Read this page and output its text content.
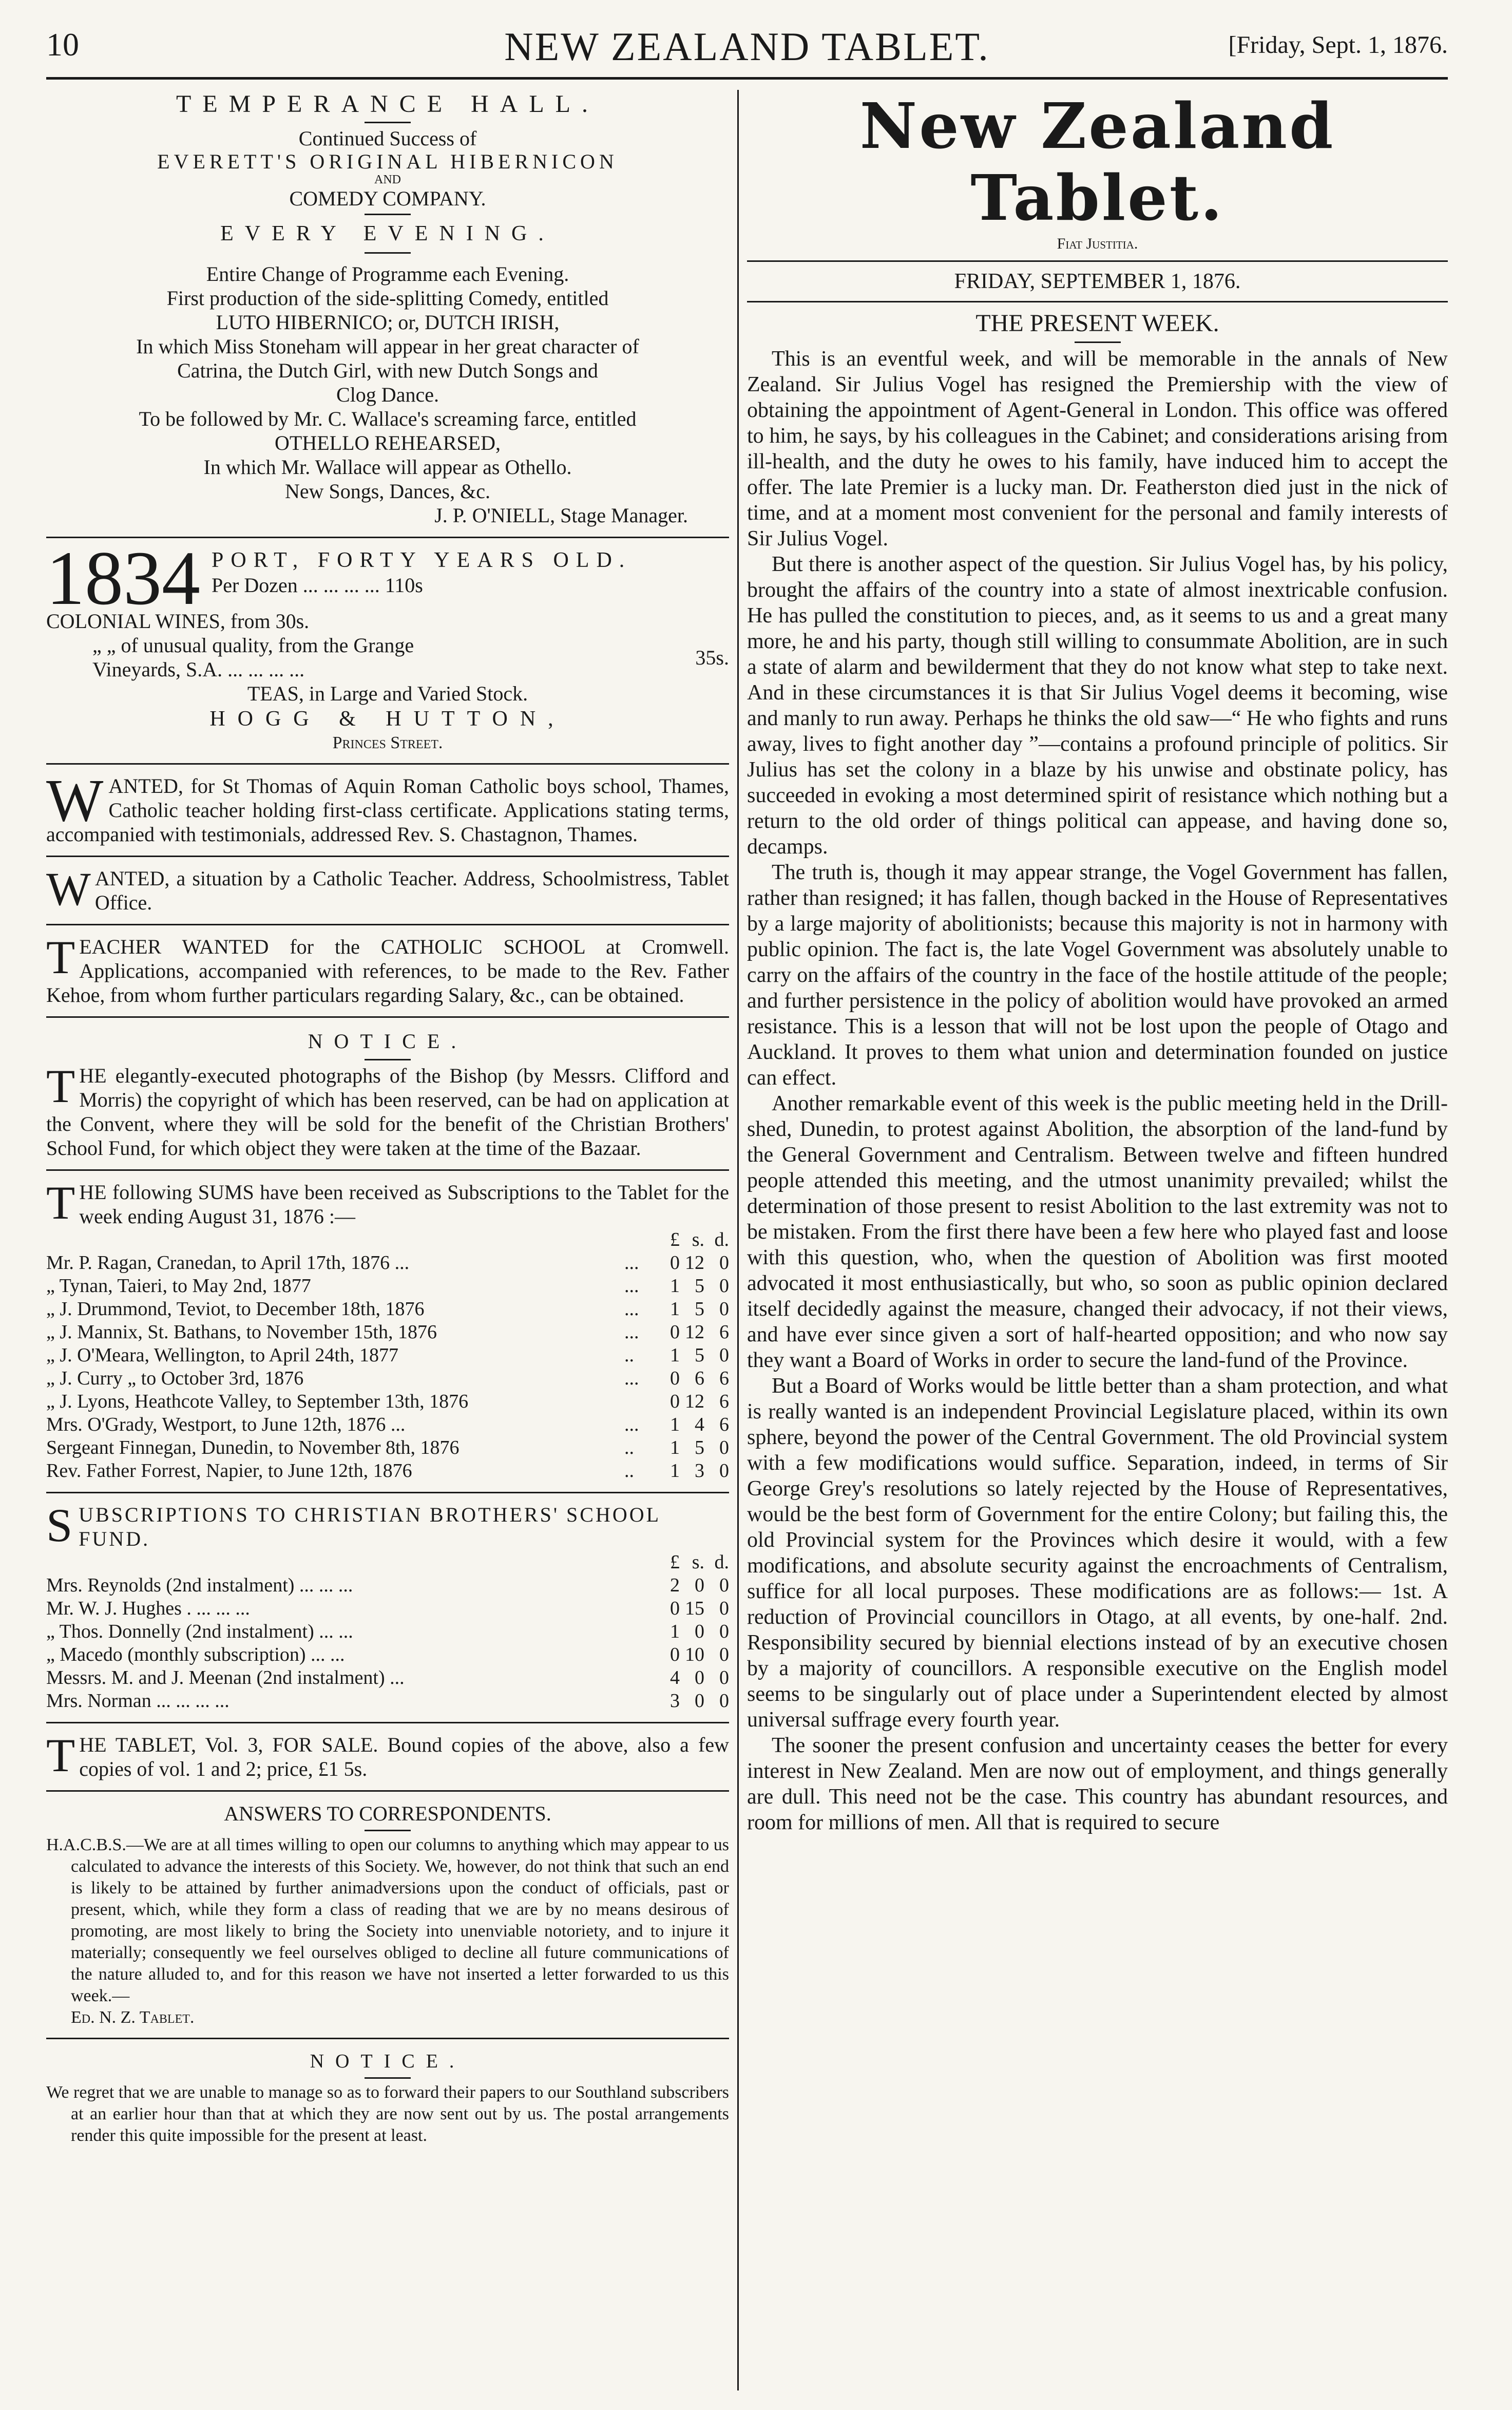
10	NEW ZEALAND TABLET.	[Friday, Sept. 1, 1876.

TEMPERANCE HALL.

Continued Success of

EVERETT'S ORIGINAL HIBERNICON

AND

COMEDY COMPANY.

EVERY EVENING.

Entire Change of Programme each Evening.

First production of the side-splitting Comedy, entitled

LUTO HIBERNICO; or, DUTCH IRISH,

In which Miss Stoneham will appear in her great character of

Catrina, the Dutch Girl, with new Dutch Songs and

Clog Dance.

To be followed by Mr. C. Wallace's screaming farce, entitled

OTHELLO REHEARSED,

In which Mr. Wallace will appear as Othello.

New Songs, Dances, &c.

J. P. O'NIELL, Stage Manager.

1834 PORT, FORTY YEARS OLD.

Per Dozen ... ... ... ... 110s

COLONIAL WINES, from 30s.

„ „ of unusual quality, from the Grange

Vineyards, S.A. ... ... ... ...

35s.

TEAS, in Large and Varied Stock.

HOGG & HUTTON,

Princes Street.

W ANTED, for St Thomas of Aquin Roman Catholic boys school, Thames, Catholic teacher holding first-class certificate. Applications stating terms, accompanied with testimonials, addressed Rev. S. Chastagnon, Thames.
W ANTED, a situation by a Catholic Teacher. Address, Schoolmistress, Tablet Office.
T EACHER WANTED for the CATHOLIC SCHOOL at Cromwell. Applications, accompanied with references, to be made to the Rev. Father Kehoe, from whom further particulars regarding Salary, &c., can be obtained.

NOTICE.

T HE elegantly-executed photographs of the Bishop (by Messrs. Clifford and Morris) the copyright of which has been reserved, can be had on application at the Convent, where they will be sold for the benefit of the Christian Brothers' School Fund, for which object they were taken at the time of the Bazaar.
T HE following SUMS have been received as Subscriptions to the Tablet for the week ending August 31, 1876 :—
		£	s.	d.
Mr. P. Ragan, Cranedan, to April 17th, 1876 ...	...	0	12	0
„ Tynan, Taieri, to May 2nd, 1877	...	1	5	0
„ J. Drummond, Teviot, to December 18th, 1876	...	1	5	0
„ J. Mannix, St. Bathans, to November 15th, 1876	...	0	12	6
„ J. O'Meara, Wellington, to April 24th, 1877	..	1	5	0
„ J. Curry „ to October 3rd, 1876	...	0	6	6
„ J. Lyons, Heathcote Valley, to September 13th, 1876		0	12	6
Mrs. O'Grady, Westport, to June 12th, 1876 ...	...	1	4	6
Sergeant Finnegan, Dunedin, to November 8th, 1876	..	1	5	0
Rev. Father Forrest, Napier, to June 12th, 1876	..	1	3	0
S UBSCRIPTIONS TO CHRISTIAN BROTHERS' SCHOOL FUND.
	£	s.	d.
Mrs. Reynolds (2nd instalment) ... ... ...	2	0	0
Mr. W. J. Hughes . ... ... ...	0	15	0
„ Thos. Donnelly (2nd instalment) ... ...	1	0	0
„ Macedo (monthly subscription) ... ...	0	10	0
Messrs. M. and J. Meenan (2nd instalment) ...	4	0	0
Mrs. Norman ... ... ... ...	3	0	0
T HE TABLET, Vol. 3, FOR SALE. Bound copies of the above, also a few copies of vol. 1 and 2; price, £1 5s.

ANSWERS TO CORRESPONDENTS.

H.A.C.B.S.—We are at all times willing to open our columns to anything which may appear to us calculated to advance the interests of this Society. We, however, do not think that such an end is likely to be attained by further animadversions upon the conduct of officials, past or present, which, while they form a class of reading that we are by no means desirous of promoting, are most likely to bring the Society into unenviable notoriety, and to injure it materially; consequently we feel ourselves obliged to decline all future communications of the nature alluded to, and for this reason we have not inserted a letter forwarded to us this week.—

Ed. N. Z. Tablet.

NOTICE.

We regret that we are unable to manage so as to forward their papers to our Southland subscribers at an earlier hour than that at which they are now sent out by us. The postal arrangements render this quite impossible for the present at least.

New Zealand Tablet.

Fiat Justitia.

FRIDAY, SEPTEMBER 1, 1876.

THE PRESENT WEEK.

This is an eventful week, and will be memorable in the annals of New Zealand. Sir Julius Vogel has resigned the Premiership with the view of obtaining the appointment of Agent-General in London. This office was offered to him, he says, by his colleagues in the Cabinet; and considerations arising from ill-health, and the duty he owes to his family, have induced him to accept the offer. The late Premier is a lucky man. Dr. Featherston died just in the nick of time, and at a moment most convenient for the personal and family interests of Sir Julius Vogel.

But there is another aspect of the question. Sir Julius Vogel has, by his policy, brought the affairs of the country into a state of almost inextricable confusion. He has pulled the constitution to pieces, and, as it seems to us and a great many more, he and his party, though still willing to consummate Abolition, are in such a state of alarm and bewilderment that they do not know what step to take next. And in these circumstances it is that Sir Julius Vogel deems it becoming, wise and manly to run away. Perhaps he thinks the old saw—“ He who fights and runs away, lives to fight another day ”—contains a profound principle of politics. Sir Julius has set the colony in a blaze by his unwise and obstinate policy, has succeeded in evoking a most determined spirit of resistance which nothing but a return to the old order of things political can appease, and having done so, decamps.

The truth is, though it may appear strange, the Vogel Government has fallen, rather than resigned; it has fallen, though backed in the House of Representatives by a large majority of abolitionists; because this majority is not in harmony with public opinion. The fact is, the late Vogel Government was absolutely unable to carry on the affairs of the country in the face of the hostile attitude of the people; and further persistence in the policy of abolition would have provoked an armed resistance. This is a lesson that will not be lost upon the people of Otago and Auckland. It proves to them what union and determination founded on justice can effect.

Another remarkable event of this week is the public meeting held in the Drill-shed, Dunedin, to protest against Abolition, the absorption of the land-fund by the General Government and Centralism. Between twelve and fifteen hundred people attended this meeting, and the utmost unanimity prevailed; whilst the determination of those present to resist Abolition to the last extremity was not to be mistaken. From the first there have been a few here who played fast and loose with this question, who, when the question of Abolition was first mooted advocated it most enthusiastically, but who, so soon as public opinion declared itself decidedly against the measure, changed their advocacy, if not their views, and have ever since given a sort of half-hearted opposition; and who now say they want a Board of Works in order to secure the land-fund of the Province.

But a Board of Works would be little better than a sham protection, and what is really wanted is an independent Provincial Legislature placed, within its own sphere, beyond the power of the Central Government. The old Provincial system with a few modifications would suffice. Separation, indeed, in terms of Sir George Grey's resolutions so lately rejected by the House of Representatives, would be the best form of Government for the entire Colony; but failing this, the old Provincial system for the Provinces which desire it would, with a few modifications, and absolute security against the encroachments of Centralism, suffice for all local purposes. These modifications are as follows:— 1st. A reduction of Provincial councillors in Otago, at all events, by one-half. 2nd. Responsibility secured by biennial elections instead of by an executive chosen by a majority of councillors. A responsible executive on the English model seems to be singularly out of place under a Superintendent elected by almost universal suffrage every fourth year.

The sooner the present confusion and uncertainty ceases the better for every interest in New Zealand. Men are now out of employment, and things generally are dull. This need not be the case. This country has abundant resources, and room for millions of men. All that is required to secure
